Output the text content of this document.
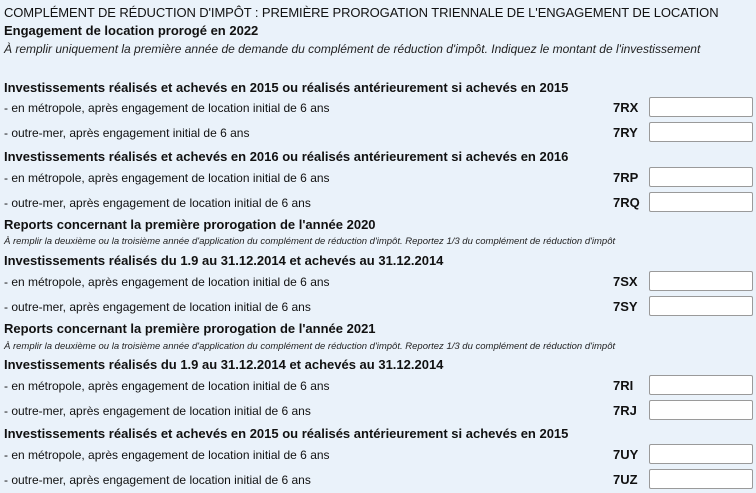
COMPLÉMENT DE RÉDUCTION D'IMPÔT : PREMIÈRE PROROGATION TRIENNALE DE L'ENGAGEMENT DE LOCATION
Engagement de location prorogé en 2022
À remplir uniquement la première année de demande du complément de réduction d'impôt. Indiquez le montant de l'investissement
Investissements réalisés et achevés en 2015 ou réalisés antérieurement si achevés en 2015
- en métropole, après engagement de location initial de 6 ans	7RX
- outre-mer, après engagement initial de 6 ans	7RY
Investissements réalisés et achevés en 2016 ou réalisés antérieurement si achevés en 2016
- en métropole, après engagement de location initial de 6 ans	7RP
- outre-mer, après engagement de location initial de 6 ans	7RQ
Reports concernant la première prorogation de l'année 2020
À remplir la deuxième ou la troisième année d'application du complément de réduction d'impôt. Reportez 1/3 du complément de réduction d'impôt
Investissements réalisés du 1.9 au 31.12.2014 et achevés au 31.12.2014
- en métropole, après engagement de location initial de 6 ans	7SX
- outre-mer, après engagement de location initial de 6 ans	7SY
Reports concernant la première prorogation de l'année 2021
À remplir la deuxième ou la troisième année d'application du complément de réduction d'impôt. Reportez 1/3 du complément de réduction d'impôt
Investissements réalisés du 1.9 au 31.12.2014 et achevés au 31.12.2014
- en métropole, après engagement de location initial de 6 ans	7RI
- outre-mer, après engagement de location initial de 6 ans	7RJ
Investissements réalisés et achevés en 2015 ou réalisés antérieurement si achevés en 2015
- en métropole, après engagement de location initial de 6 ans	7UY
- outre-mer, après engagement de location initial de 6 ans	7UZ
